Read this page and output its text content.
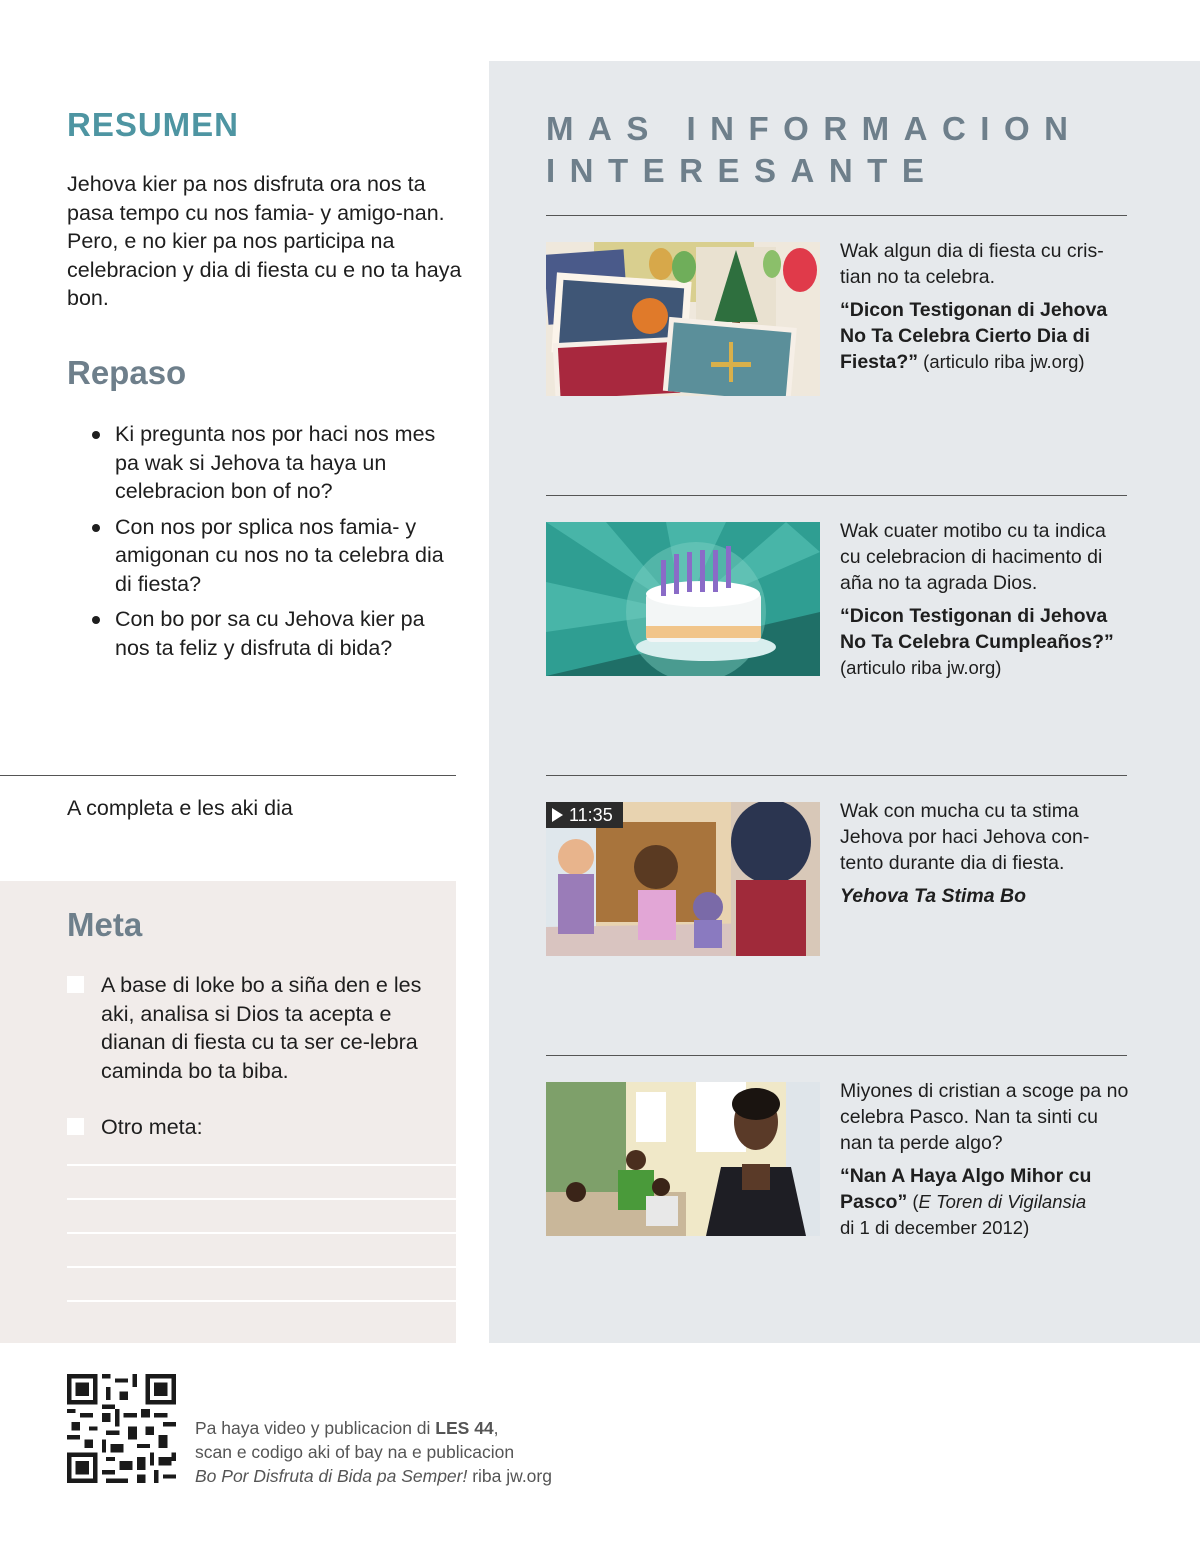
RESUMEN

Jehova kier pa nos disfruta ora nos ta pasa tempo cu nos famia- y amigo-nan. Pero, e no kier pa nos participa na celebracion y dia di fiesta cu e no ta haya bon.

Repaso
Ki pregunta nos por haci nos mes pa wak si Jehova ta haya un celebracion bon of no?
Con nos por splica nos famia- y amigonan cu nos no ta celebra dia di fiesta?
Con bo por sa cu Jehova kier pa nos ta feliz y disfruta di bida?
A completa e les aki dia
Meta
A base di loke bo a siña den e les aki, analisa si Dios ta acepta e dianan di fiesta cu ta ser ce-lebra caminda bo ta biba.
Otro meta:
MAS INFORMACION
INTERESANTE

Wak algun dia di fiesta cu cris-tian no ta celebra.

“Dicon Testigonan di Jehova No Ta Celebra Cierto Dia di Fiesta?” (articulo riba jw.org)

Wak cuater motibo cu ta indica cu celebracion di hacimento di aña no ta agrada Dios.

“Dicon Testigonan di Jehova No Ta Celebra Cumpleaños?”
(articulo riba jw.org)

11:35	Wak con mucha cu ta stima Jehova por haci Jehova con-tento durante dia di fiesta.

Yehova Ta Stima Bo

Miyones di cristian a scoge pa no celebra Pasco. Nan ta sinti cu nan ta perde algo?

“Nan A Haya Algo Mihor cu Pasco” (E Toren di Vigilansia
di 1 di december 2012)

Pa haya video y publicacion di LES 44,
scan e codigo aki of bay na e publicacion
Bo Por Disfruta di Bida pa Semper! riba jw.org
